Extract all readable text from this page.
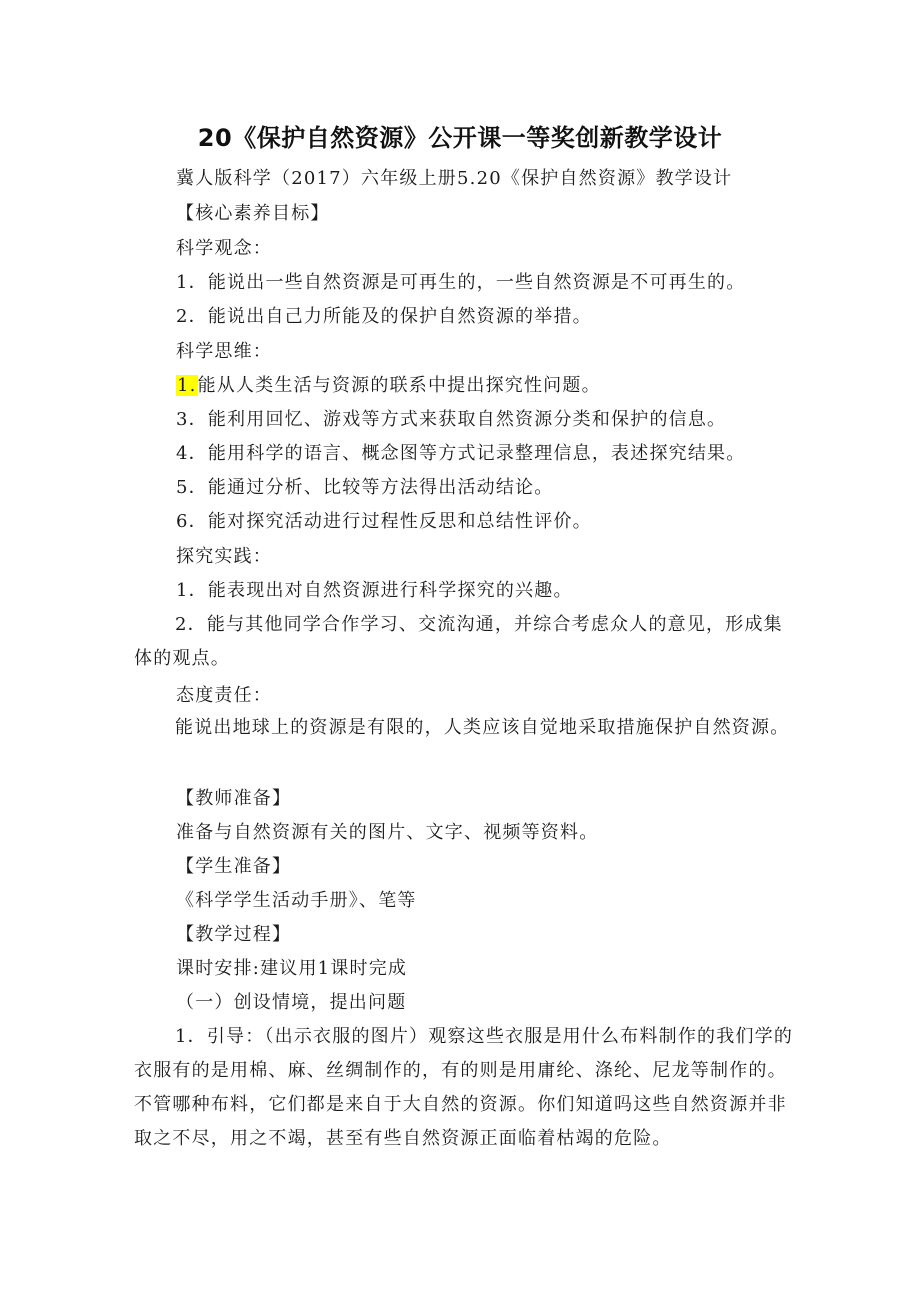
20《保护自然资源》公开课一等奖创新教学设计
冀人版科学（2017）六年级上册5.20《保护自然资源》教学设计
【核心素养目标】
科学观念：
1．能说出一些自然资源是可再生的，一些自然资源是不可再生的。
2．能说出自己力所能及的保护自然资源的举措。
科学思维：
1.能从人类生活与资源的联系中提出探究性问题。
3．能利用回忆、游戏等方式来获取自然资源分类和保护的信息。
4．能用科学的语言、概念图等方式记录整理信息，表述探究结果。
5．能通过分析、比较等方法得出活动结论。
6．能对探究活动进行过程性反思和总结性评价。
探究实践：
1．能表现出对自然资源进行科学探究的兴趣。
2．能与其他同学合作学习、交流沟通，并综合考虑众人的意见，形成集体的观点。
态度责任：
能说出地球上的资源是有限的，人类应该自觉地采取措施保护自然资源。
【教师准备】
准备与自然资源有关的图片、文字、视频等资料。
【学生准备】
《科学学生活动手册》、笔等
【教学过程】
课时安排:建议用1课时完成
（一）创设情境，提出问题
1．引导：（出示衣服的图片）观察这些衣服是用什么布料制作的我们学的衣服有的是用棉、麻、丝绸制作的，有的则是用庸纶、涤纶、尼龙等制作的。不管哪种布料，它们都是来自于大自然的资源。你们知道吗这些自然资源并非取之不尽，用之不竭，甚至有些自然资源正面临着枯竭的危险。
